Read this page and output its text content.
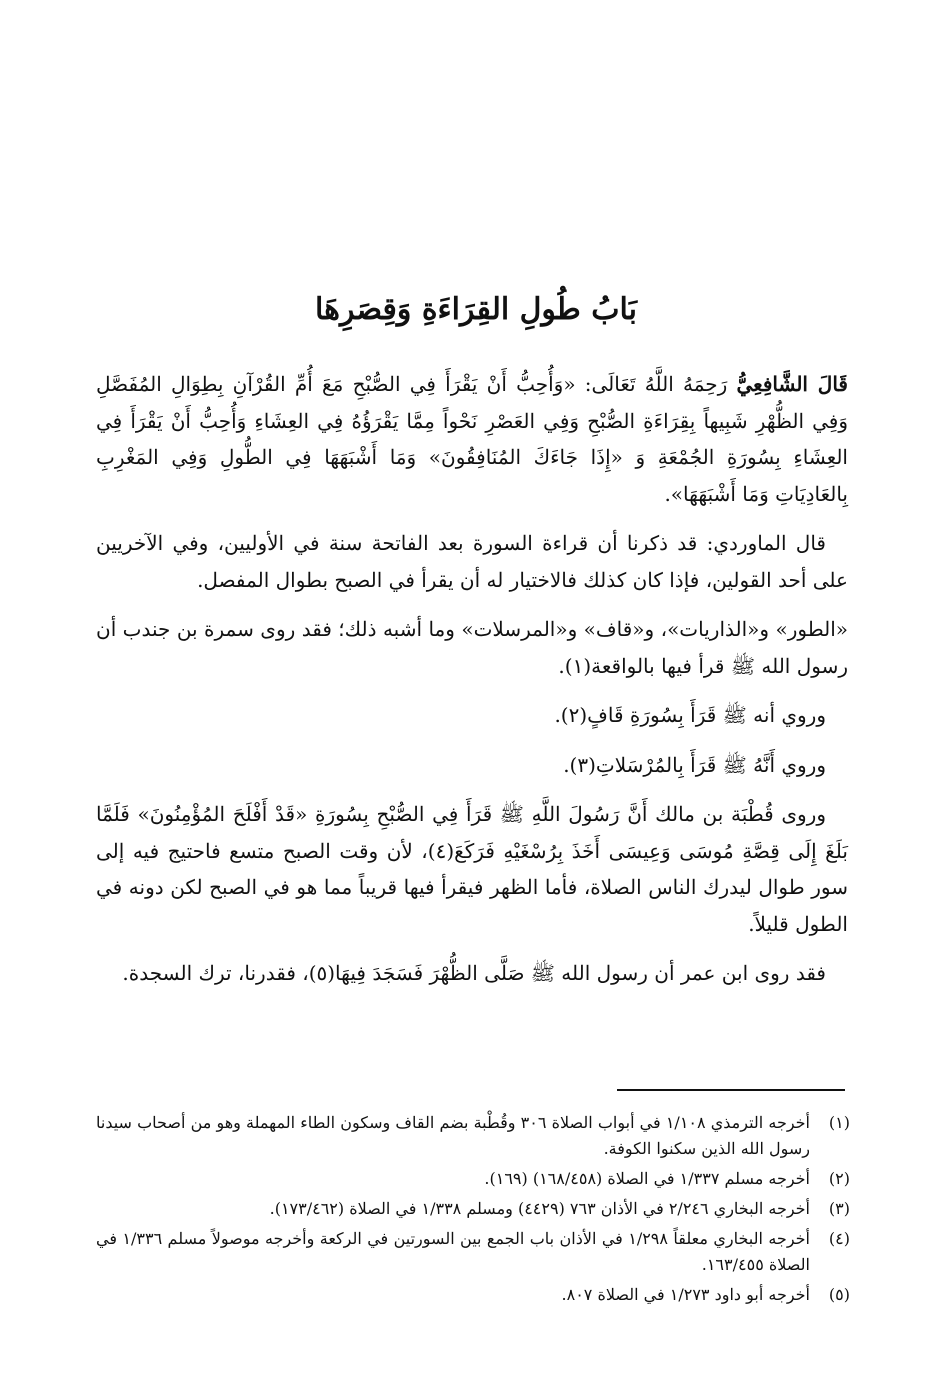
بَابُ طُولِ القِرَاءَةِ وَقِصَرِهَا

قَالَ الشَّافِعِيُّ رَحِمَهُ اللَّهُ تَعَالَى: «وَأُحِبُّ أَنْ يَقْرَأَ فِي الصُّبْحِ مَعَ أُمِّ القُرْآنِ بِطِوَالِ المُفَصَّلِ وَفِي الظُّهْرِ شَبِيهاً بِقِرَاءَةِ الصُّبْحِ وَفِي العَصْرِ نَحْواً مِمَّا يَقْرَؤُهُ فِي العِشَاءِ وَأُحِبُّ أَنْ يَقْرَأَ فِي العِشَاءِ بِسُورَةِ الجُمْعَةِ وَ «إِذَا جَاءَكَ المُنَافِقُونَ» وَمَا أَشْبَهَهَا فِي الطُّولِ وَفِي المَغْرِبِ بِالعَادِيَاتِ وَمَا أَشْبَهَهَا».

قال الماوردي: قد ذكرنا أن قراءة السورة بعد الفاتحة سنة في الأوليين، وفي الآخريين على أحد القولين، فإذا كان كذلك فالاختيار له أن يقرأ في الصبح بطوال المفصل.

«الطور» و«الذاريات»، و«قاف» و«المرسلات» وما أشبه ذلك؛ فقد روى سمرة بن جندب أن رسول الله ﷺ قرأ فيها بالواقعة(١).

وروي أنه ﷺ قَرَأَ بِسُورَةِ قَافٍ(٢).

وروي أَنَّهُ ﷺ قَرَأَ بِالمُرْسَلاتِ(٣).

وروى قُطْبَة بن مالك أَنَّ رَسُولَ اللَّهِ ﷺ قَرَأَ فِي الصُّبْحِ بِسُورَةِ «قَدْ أَفْلَحَ المُؤْمِنُونَ» فَلَمَّا بَلَغَ إِلَى قِصَّةِ مُوسَى وَعِيسَى أَخَذَ بِرُسْغَيْهِ فَرَكَعَ(٤)، لأن وقت الصبح متسع فاحتيج فيه إلى سور طوال ليدرك الناس الصلاة، فأما الظهر فيقرأ فيها قريباً مما هو في الصبح لكن دونه في الطول قليلاً.

فقد روى ابن عمر أن رسول الله ﷺ صَلَّى الظُّهْرَ فَسَجَدَ فِيهَا(٥)، فقدرنا، ترك السجدة.

(١)
أخرجه الترمذي ١/١٠٨ في أبواب الصلاة ٣٠٦ وقُطْبة بضم القاف وسكون الطاء المهملة وهو من أصحاب سيدنا رسول الله الذين سكنوا الكوفة.
(٢)
أخرجه مسلم ١/٣٣٧ في الصلاة (١٦٨/٤٥٨) (١٦٩).
(٣)
أخرجه البخاري ٢/٢٤٦ في الأذان ٧٦٣ (٤٤٢٩) ومسلم ١/٣٣٨ في الصلاة (١٧٣/٤٦٢).
(٤)
أخرجه البخاري معلقاً ١/٢٩٨ في الأذان باب الجمع بين السورتين في الركعة وأخرجه موصولاً مسلم ١/٣٣٦ في الصلاة ١٦٣/٤٥٥.
(٥)
أخرجه أبو داود ١/٢٧٣ في الصلاة ٨٠٧.
